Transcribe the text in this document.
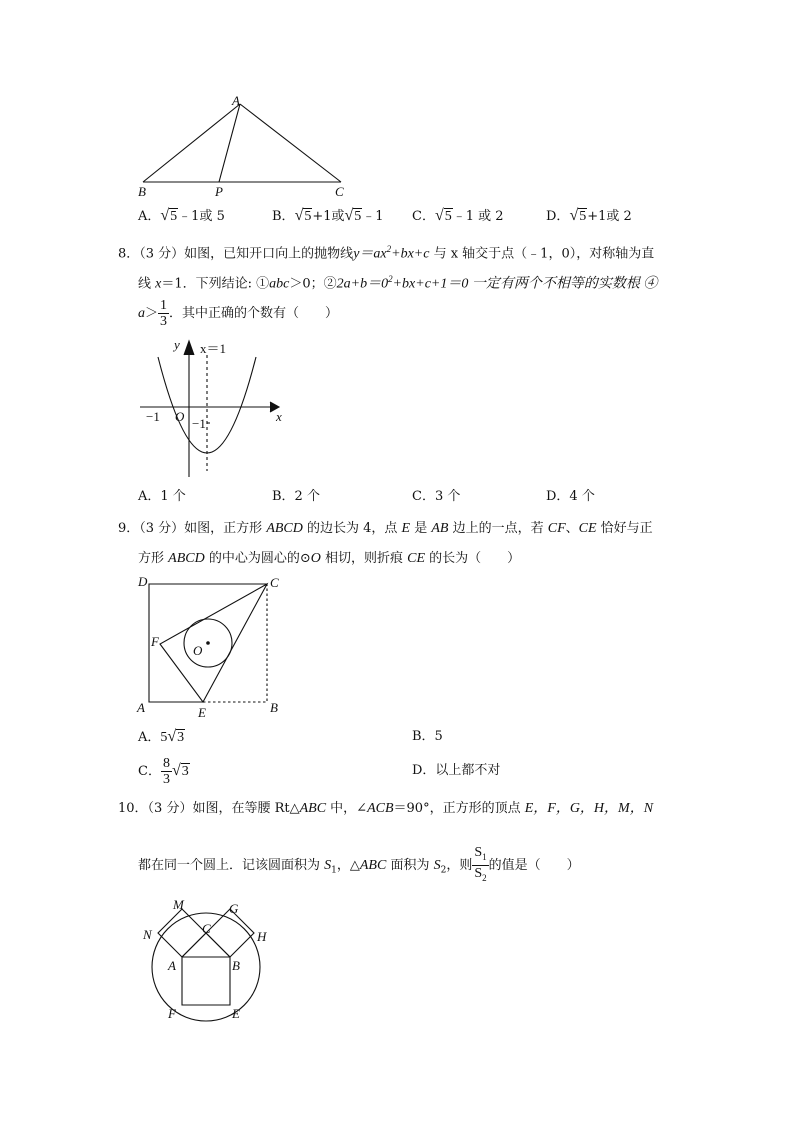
A
B	P	C
A．√5﹣1或 5	B．√5+1或√5﹣1 C．√5﹣1 或 2	D．√5+1或 2
8．（3 分）如图，已知开口向上的抛物线$y=ax^2+bx+c$ 与 x 轴交于点（﹣1，0），对称轴为直
线 x＝1．下列结论: ①abc＞0；$②2a+b=0^2+bx+c+1=0$ 一定有两个不相等的实数根 ④
$a> \frac{1}{3}$ ．其中正确的个数有（　　）
y x＝1
x
−1 O −1
A．1 个	B．2 个	C．3 个	D．4 个
9．（3 分）如图，正方形 ABCD 的边长为 4，点 E 是 AB 边上的一点，若 CF、CE 恰好与正
方形 ABCD 的中心为圆心的⊙O 相切，则折痕 CE 的长为（　　）
D	C
F
O
A	E	B
A．5√3	B．5
C． $\frac{8}{3} √3$	D．以上都不对
10．（3 分）如图，在等腰 Rt△ABC 中，∠ACB＝90°，正方形的顶点 E，F，G，H，M，N
都在同一个圆上．记该圆面积为 $S_1$，△ABC 面积为 $S_2$，则 $\frac{S_1}{S_2}$ 的值是（　　）
M	G
N	C
H
A	B
F	E
